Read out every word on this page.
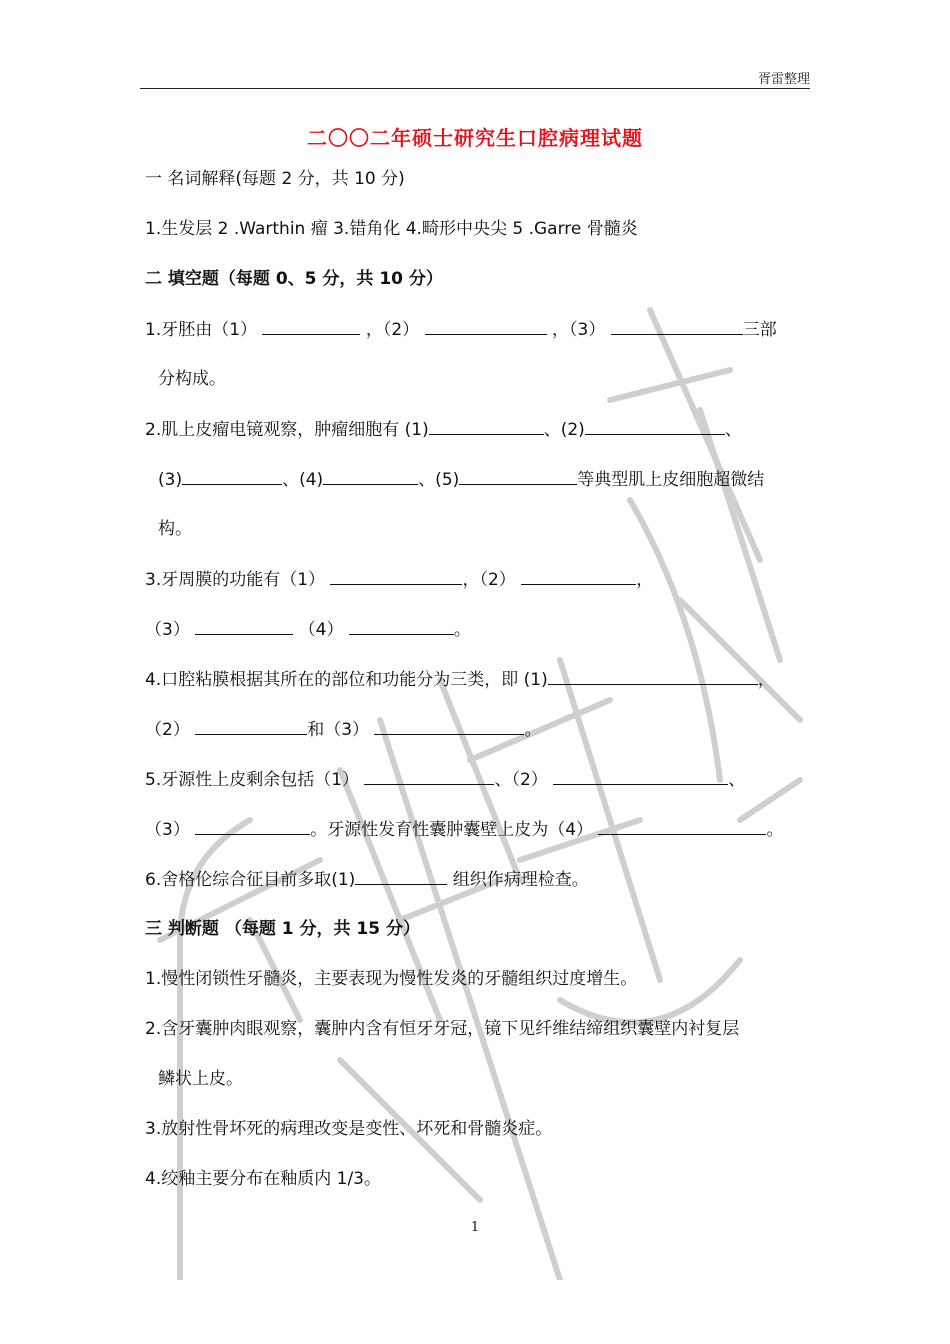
胥雷整理
二〇〇二年硕士研究生口腔病理试题
一 名词解释(每题 2 分，共 10 分)
1.生发层 2 .Warthin 瘤 3.错角化 4.畸形中央尖 5 .Garre 骨髓炎
二 填空题（每题 0、5 分，共 10 分）
1.牙胚由（1）	，（2）	，（3）	三部
分构成。
2.肌上皮瘤电镜观察，肿瘤细胞有 (1)	、(2)	、
(3)	、(4)	、(5)	等典型肌上皮细胞超微结
构。
3.牙周膜的功能有（1）	，（2）	，
（3）	（4）	。
4.口腔粘膜根据其所在的部位和功能分为三类，即 (1)	，
（2）	和（3）	。
5.牙源性上皮剩余包括（1）	、（2）	、
（3）	。牙源性发育性囊肿囊壁上皮为（4）	。
6.舍格伦综合征目前多取(1)	组织作病理检查。
三 判断题 （每题 1 分，共 15 分）
1.慢性闭锁性牙髓炎，主要表现为慢性发炎的牙髓组织过度增生。
2.含牙囊肿肉眼观察，囊肿内含有恒牙牙冠，镜下见纤维结缔组织囊壁内衬复层
鳞状上皮。
3.放射性骨坏死的病理改变是变性、坏死和骨髓炎症。
4.绞釉主要分布在釉质内 1/3。
1
